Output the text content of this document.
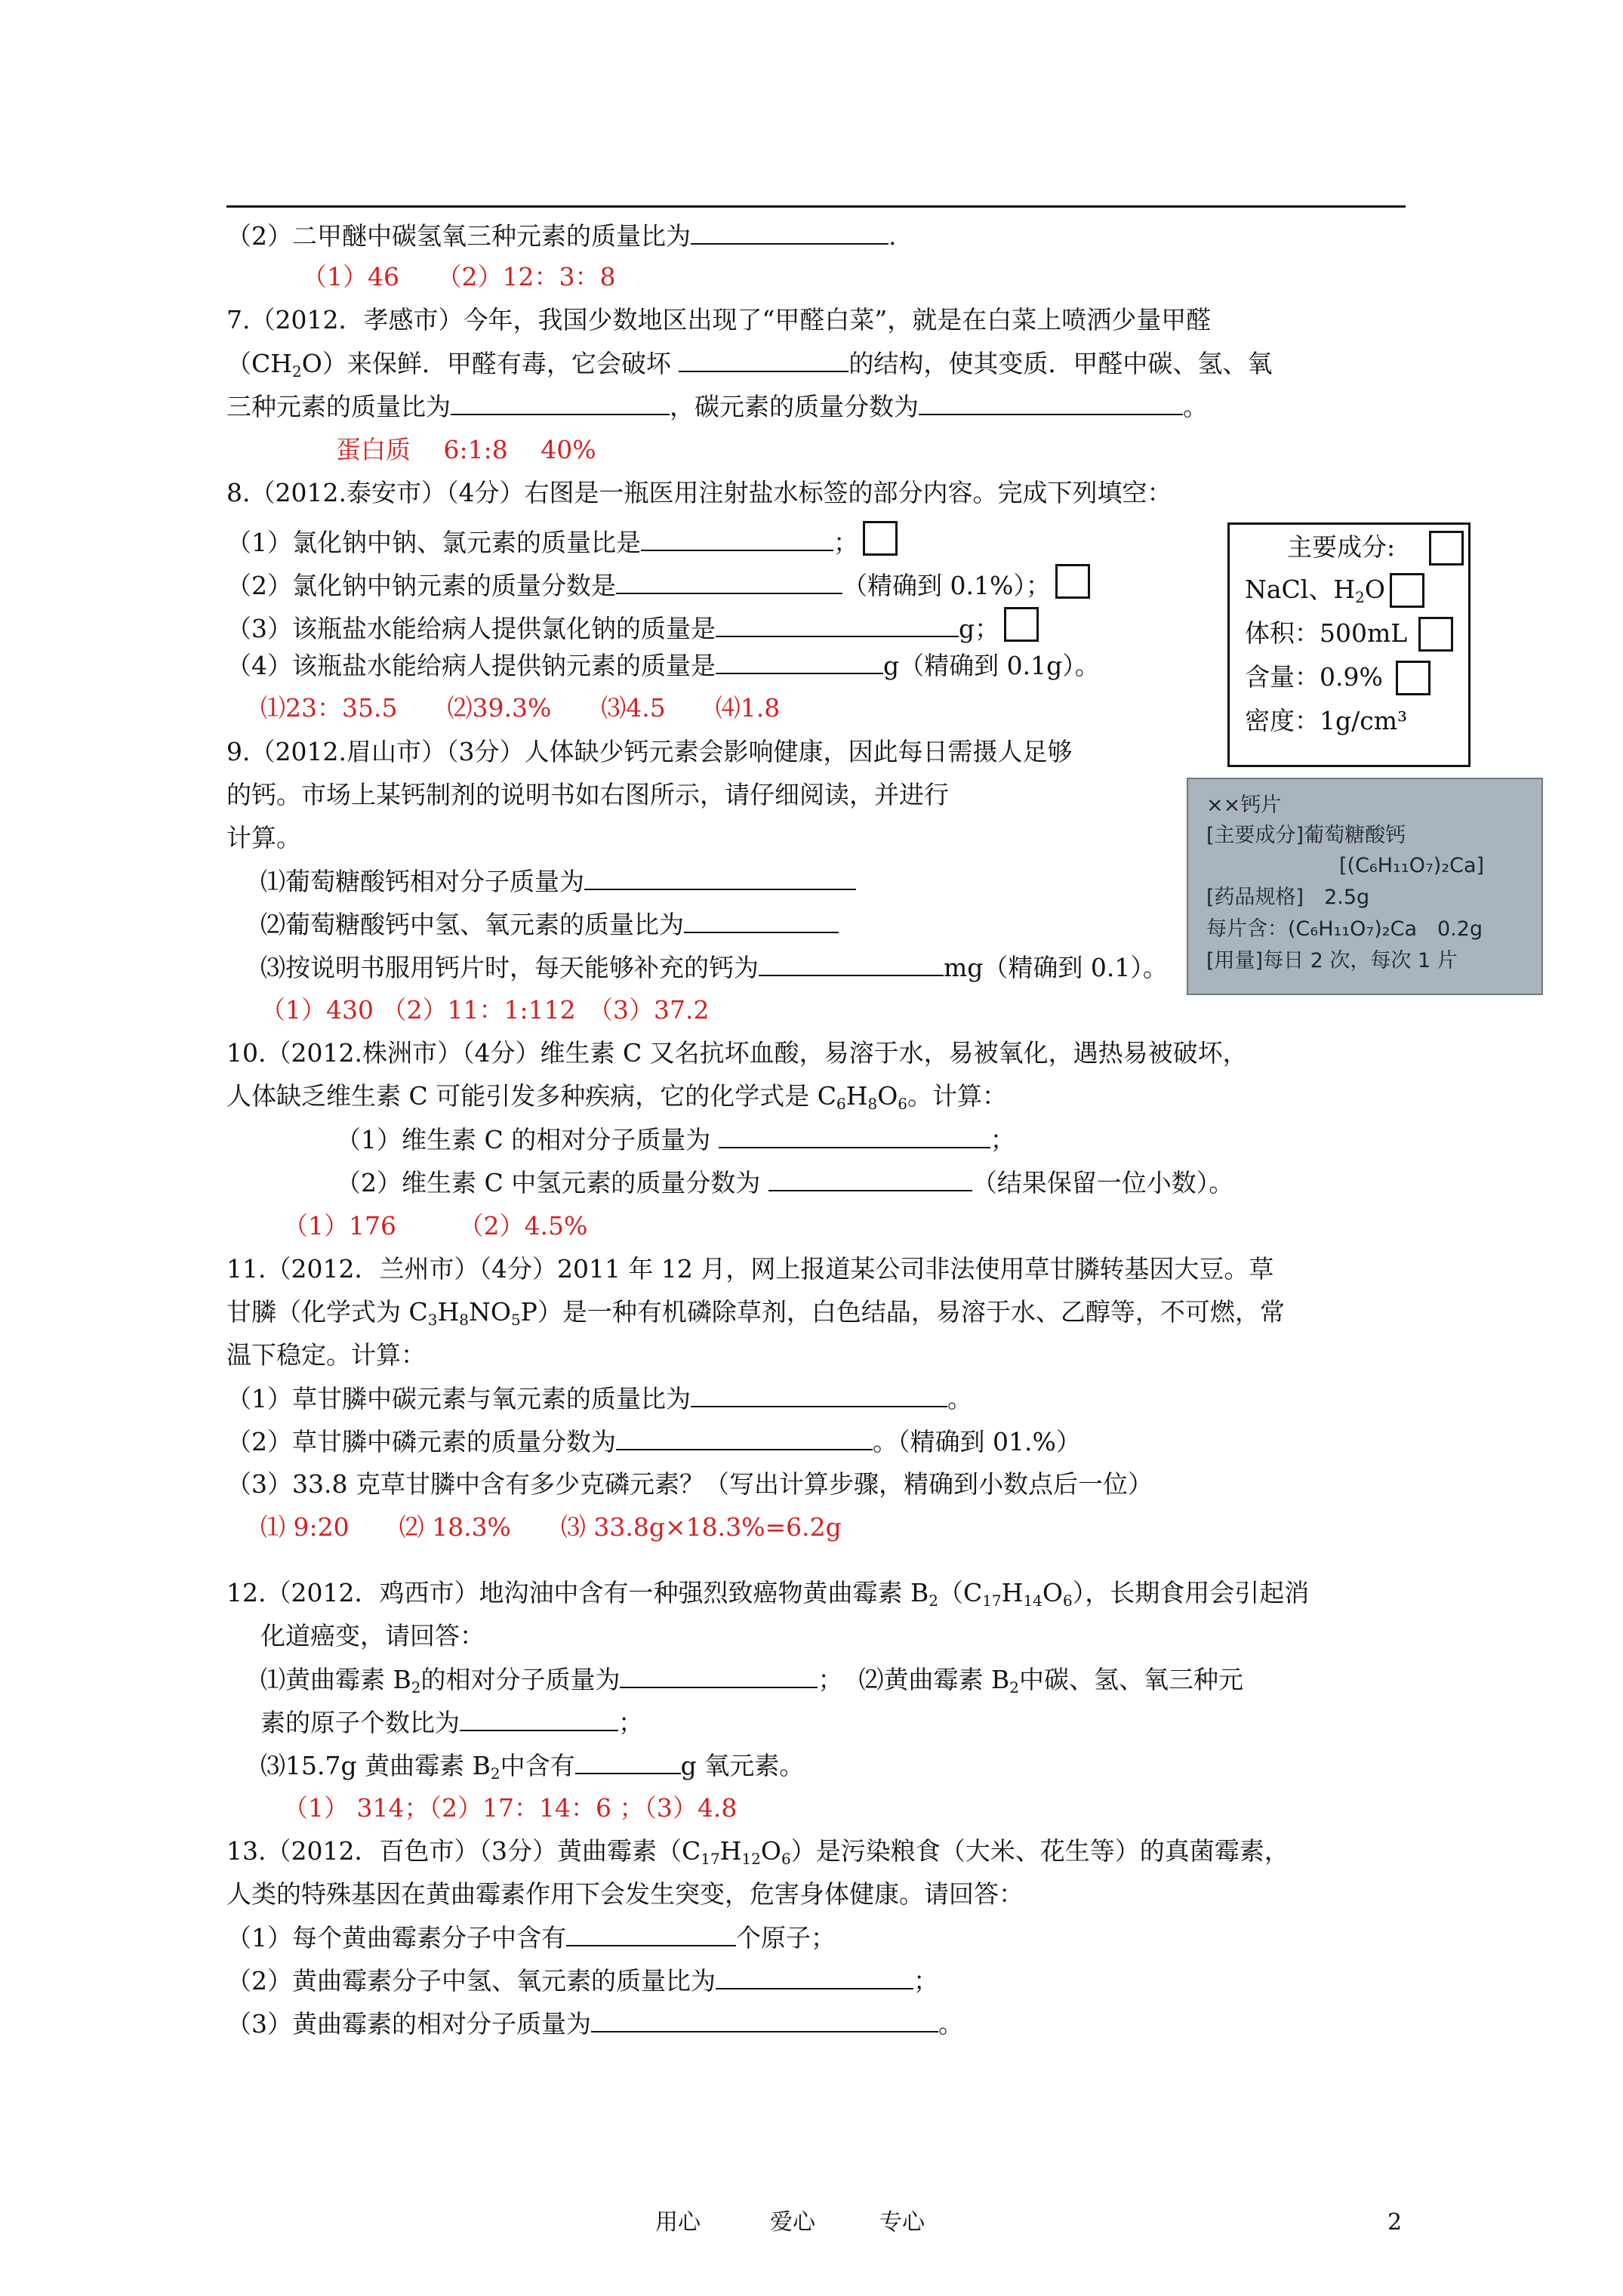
（2）二甲醚中碳氢氧三种元素的质量比为	.
（1）46　　（2）12：3：8
7.（2012．孝感市）今年，我国少数地区出现了“甲醛白菜”，就是在白菜上喷洒少量甲醛
$(CH_2O)$来保鲜．甲醛有毒，它会破坏	的结构，使其变质．甲醛中碳、氢、氧
三种元素的质量比为	，碳元素的质量分数为	。
蛋白质　 6:1:8　 40%
8.（2012.泰安市）（4分）右图是一瓶医用注射盐水标签的部分内容。完成下列填空：
（1）氯化钠中钠、氯元素的质量比是	；
（2）氯化钠中钠元素的质量分数是	（精确到 0.1%）；
（3）该瓶盐水能给病人提供氯化钠的质量是	g；
（4）该瓶盐水能给病人提供钠元素的质量是	g（精确到 0.1g）。
⑴23：35.5　　⑵39.3%　　⑶4.5　　⑷1.8
主要成分:
NaCl、$H_2O$
体积：500mL
含量：0.9%
密度：1g/cm³
9.（2012.眉山市）（3分）人体缺少钙元素会影响健康，因此每日需摄人足够
的钙。市场上某钙制剂的说明书如右图所示，请仔细阅读，并进行
计算。
⑴葡萄糖酸钙相对分子质量为
⑵葡萄糖酸钙中氢、氧元素的质量比为
⑶按说明书服用钙片时，每天能够补充的钙为	mg（精确到 0.1）。
××钙片
[主要成分]葡萄糖酸钙
[(C₆H₁₁O₇)₂Ca]
[药品规格]　2.5g
每片含：(C₆H₁₁O₇)₂Ca　0.2g
[用量]每日 2 次，每次 1 片
（1）430 （2）11：1:112　（3）37.2
10.（2012.株洲市）（4分）维生素 C 又名抗坏血酸，易溶于水，易被氧化，遇热易被破坏，
人体缺乏维生素 C 可能引发多种疾病，它的化学式是 $C_6H_8O_6$。计算：
（1）维生素 C 的相对分子质量为	；
（2）维生素 C 中氢元素的质量分数为	（结果保留一位小数）。
（1）176　　　（2）4.5%
11.（2012．兰州市）（4分）2011 年 12 月，网上报道某公司非法使用草甘膦转基因大豆。草
甘膦（化学式为 $C_3H_8NO_5P$）是一种有机磷除草剂，白色结晶，易溶于水、乙醇等，不可燃，常
温下稳定。计算：
（1）草甘膦中碳元素与氧元素的质量比为	。
（2）草甘膦中磷元素的质量分数为	。（精确到 01.%）
（3）33.8 克草甘膦中含有多少克磷元素？（写出计算步骤，精确到小数点后一位）
⑴ 9:20　　⑵ 18.3%　　⑶ 33.8g×18.3%=6.2g
12.（2012．鸡西市）地沟油中含有一种强烈致癌物黄曲霉素 $B_2(C_{17}H_{14}O_6)$，长期食用会引起消
化道癌变，请回答：
⑴黄曲霉素 $B_2$的相对分子质量为	；  ⑵黄曲霉素 $B_2$中碳、氢、氧三种元
素的原子个数比为	；
⑶15.7g 黄曲霉素 $B_2$中含有	g 氧元素。
（1） 314；（2）17：14：6 ；（3）4.8
13.（2012．百色市）（3分）黄曲霉素$(C_{17}H_{12}O_6)$是污染粮食（大米、花生等）的真菌霉素，
人类的特殊基因在黄曲霉素作用下会发生突变，危害身体健康。请回答：
（1）每个黄曲霉素分子中含有	个原子；
（2）黄曲霉素分子中氢、氧元素的质量比为	；
（3）黄曲霉素的相对分子质量为	。
用心	爱心	专心	2
